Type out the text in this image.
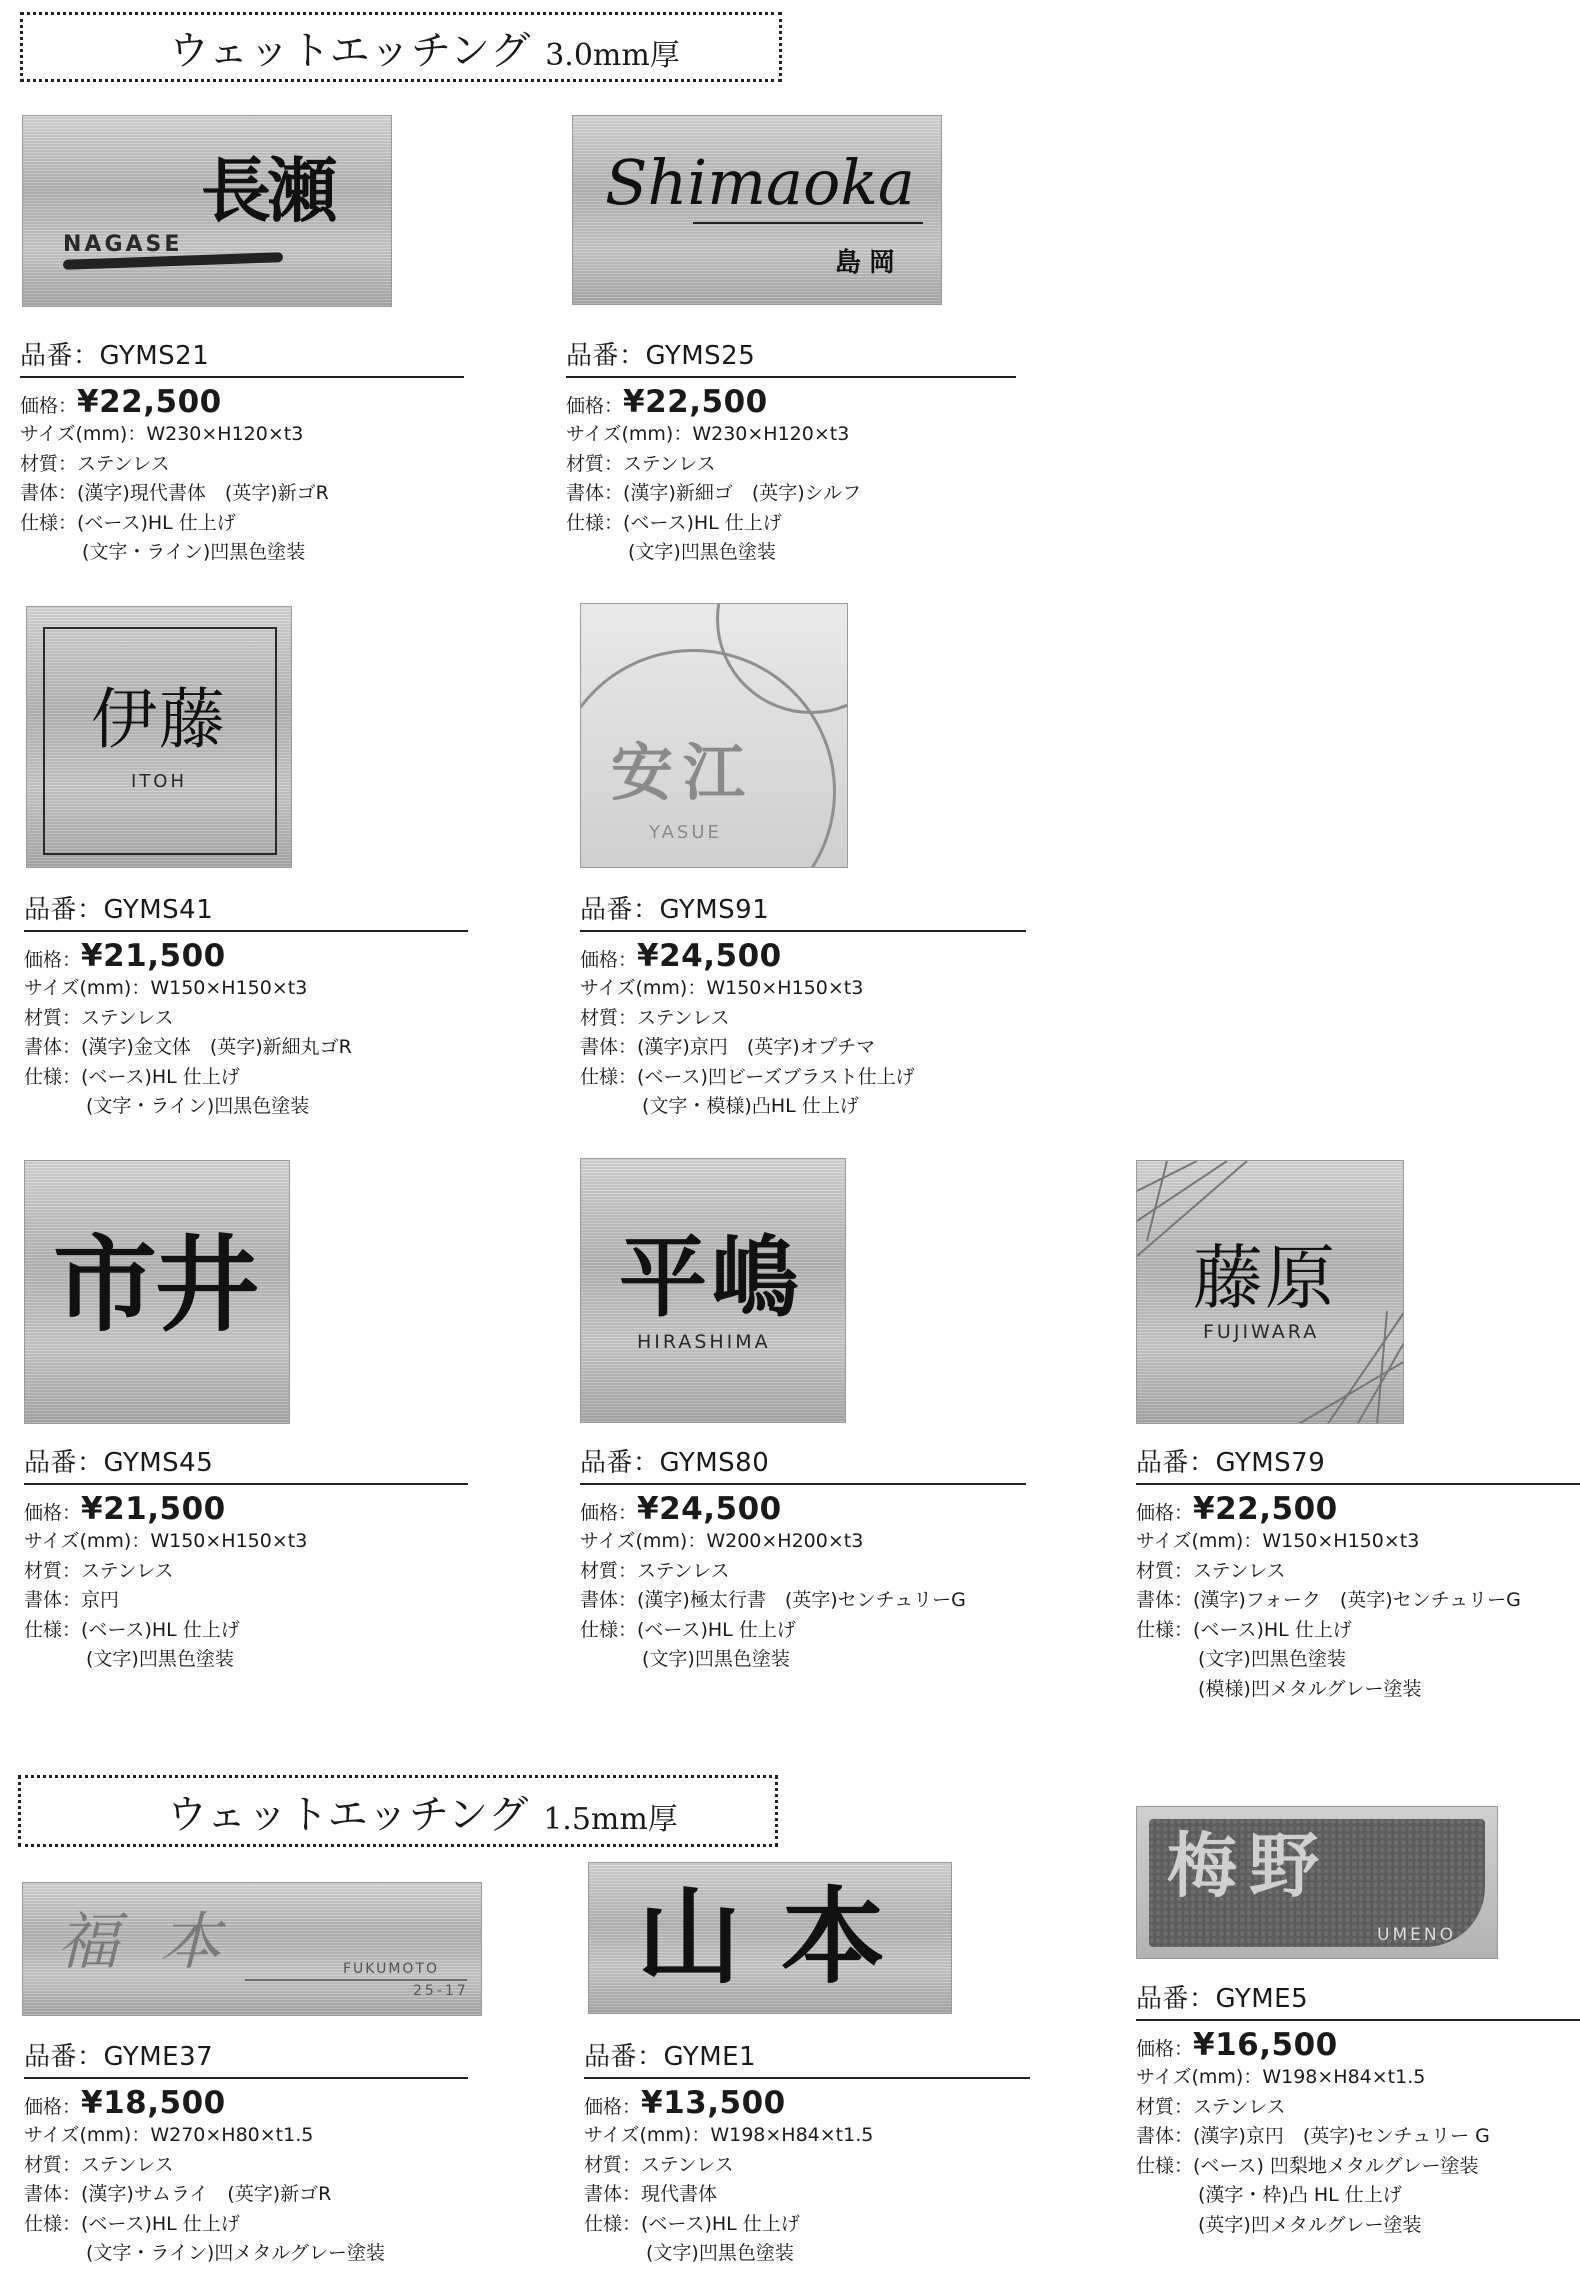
ウェットエッチング 3.0mm厚
NAGASE
長瀬	Shimaoka
島岡
伊藤
ITOH	安江
YASUE
市井	平嶋
HIRASHIMA
藤原
FUJIWARA
ウェットエッチング 1.5mm厚
福本	FUKUMOTO
25-17 山本
梅野
UMENO
品番：GYMS21
価格：¥22,500
サイズ(mm)：W230×H120×t3
材質：ステンレス
書体：(漢字)現代書体　(英字)新ゴR
仕様：(ベース)HL 仕上げ
(文字・ライン)凹黒色塗装
品番：GYMS25
価格：¥22,500
サイズ(mm)：W230×H120×t3
材質：ステンレス
書体：(漢字)新細ゴ　(英字)シルフ
仕様：(ベース)HL 仕上げ
(文字)凹黒色塗装
品番：GYMS41
価格：¥21,500
サイズ(mm)：W150×H150×t3
材質：ステンレス
書体：(漢字)金文体　(英字)新細丸ゴR
仕様：(ベース)HL 仕上げ
(文字・ライン)凹黒色塗装
品番：GYMS91
価格：¥24,500
サイズ(mm)：W150×H150×t3
材質：ステンレス
書体：(漢字)京円　(英字)オプチマ
仕様：(ベース)凹ビーズブラスト仕上げ
(文字・模様)凸HL 仕上げ
品番：GYMS45
価格：¥21,500
サイズ(mm)：W150×H150×t3
材質：ステンレス
書体：京円
仕様：(ベース)HL 仕上げ
(文字)凹黒色塗装
品番：GYMS80
価格：¥24,500
サイズ(mm)：W200×H200×t3
材質：ステンレス
書体：(漢字)極太行書　(英字)センチュリーG
仕様：(ベース)HL 仕上げ
(文字)凹黒色塗装
品番：GYMS79
価格：¥22,500
サイズ(mm)：W150×H150×t3
材質：ステンレス
書体：(漢字)フォーク　(英字)センチュリーG
仕様：(ベース)HL 仕上げ
(文字)凹黒色塗装
(模様)凹メタルグレー塗装
品番：GYME37
価格：¥18,500
サイズ(mm)：W270×H80×t1.5
材質：ステンレス
書体：(漢字)サムライ　(英字)新ゴR
仕様：(ベース)HL 仕上げ
(文字・ライン)凹メタルグレー塗装
品番：GYME1
価格：¥13,500
サイズ(mm)：W198×H84×t1.5
材質：ステンレス
書体：現代書体
仕様：(ベース)HL 仕上げ
(文字)凹黒色塗装
品番：GYME5
価格：¥16,500
サイズ(mm)：W198×H84×t1.5
材質：ステンレス
書体：(漢字)京円　(英字)センチュリー G
仕様：(ベース) 凹梨地メタルグレー塗装
(漢字・枠)凸 HL 仕上げ
(英字)凹メタルグレー塗装
